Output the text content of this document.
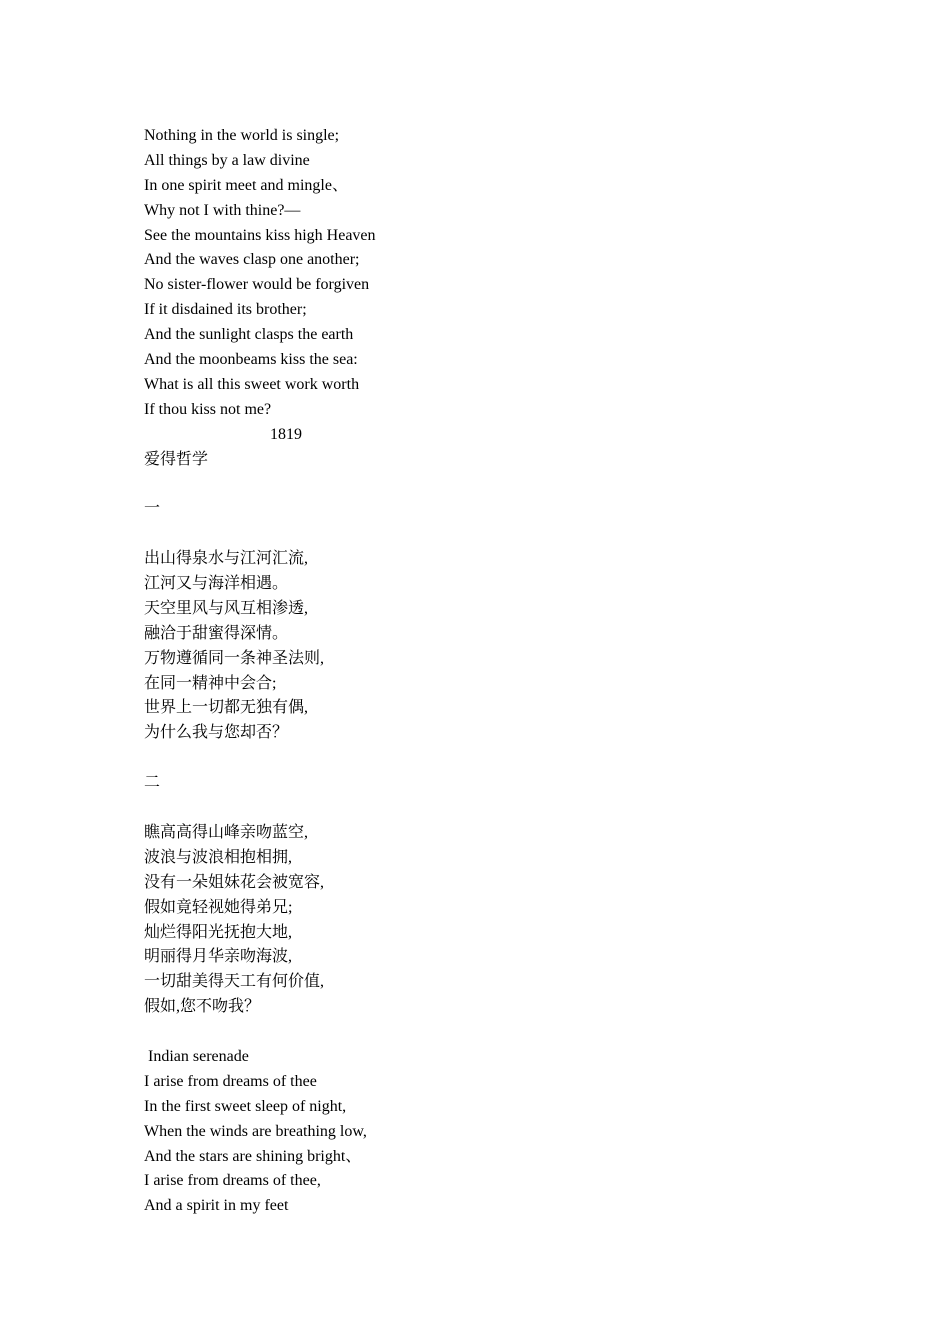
Nothing in the world is single;
All things by a law divine
In one spirit meet and mingle、
Why not I with thine?—
See the mountains kiss high Heaven
And the waves clasp one another;
No sister-flower would be forgiven
If it disdained its brother;
And the sunlight clasps the earth
And the moonbeams kiss the sea:
What is all this sweet work worth
If thou kiss not me?
1819
爱得哲学
一
出山得泉水与江河汇流,
江河又与海洋相遇。
天空里风与风互相渗透,
融洽于甜蜜得深情。
万物遵循同一条神圣法则,
在同一精神中会合;
世界上一切都无独有偶,
为什么我与您却否？
二
瞧高高得山峰亲吻蓝空,
波浪与波浪相抱相拥,
没有一朵姐妹花会被宽容,
假如竟轻视她得弟兄;
灿烂得阳光抚抱大地,
明丽得月华亲吻海波,
一切甜美得天工有何价值,
假如,您不吻我？
Indian serenade
I arise from dreams of thee
In the first sweet sleep of night,
When the winds are breathing low,
And the stars are shining bright、
I arise from dreams of thee,
And a spirit in my feet
